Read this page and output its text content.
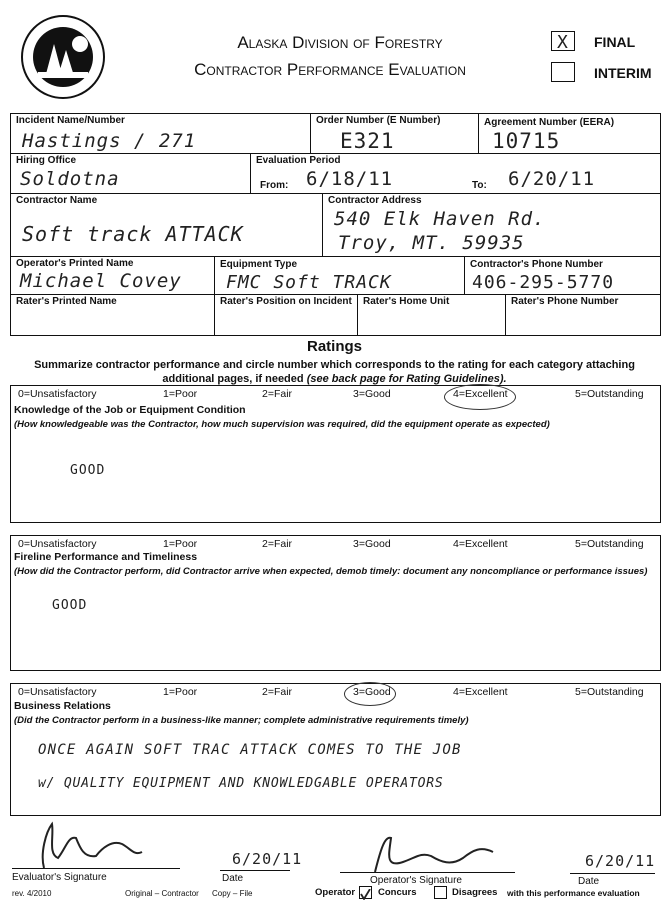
Alaska Division of Forestry
Contractor Performance Evaluation
X FINAL
INTERIM
Incident Name/Number
Hastings / 271
Order Number (E Number)
E321
Agreement Number (EERA)
10715
Hiring Office
Soldotna
Evaluation Period
From: 6/18/11	To: 6/20/11
Contractor Name
Soft track ATTACK
Contractor Address
540 Elk Haven Rd.
Troy, MT. 59935
Operator's Printed Name
Michael Covey
Equipment Type
FMC Soft TRACK
Contractor's Phone Number
406-295-5770
Rater's Printed Name	Rater's Position on Incident Rater's Home Unit	Rater's Phone Number
Ratings
Summarize contractor performance and circle number which corresponds to the rating for each category attaching additional pages, if needed (see back page for Rating Guidelines).
0=Unsatisfactory	1=Poor	2=Fair	3=Good	4=Excellent	5=Outstanding
Knowledge of the Job or Equipment Condition
(How knowledgeable was the Contractor, how much supervision was required, did the equipment operate as expected)
GOOD
0=Unsatisfactory	1=Poor	2=Fair	3=Good	4=Excellent	5=Outstanding
Fireline Performance and Timeliness
(How did the Contractor perform, did Contractor arrive when expected, demob timely: document any noncompliance or performance issues)
GOOD
0=Unsatisfactory	1=Poor	2=Fair	3=Good	4=Excellent	5=Outstanding
Business Relations
(Did the Contractor perform in a business-like manner; complete administrative requirements timely)
ONCE AGAIN SOFT TRAC ATTACK COMES TO THE JOB
w/ QUALITY EQUIPMENT AND KNOWLEDGABLE OPERATORS
Evaluator's Signature
6/20/11
Date	Operator's Signature
6/20/11
Date
rev. 4/2010	Original – Contractor Copy – File	Operator Concurs	Disagrees with this performance evaluation
